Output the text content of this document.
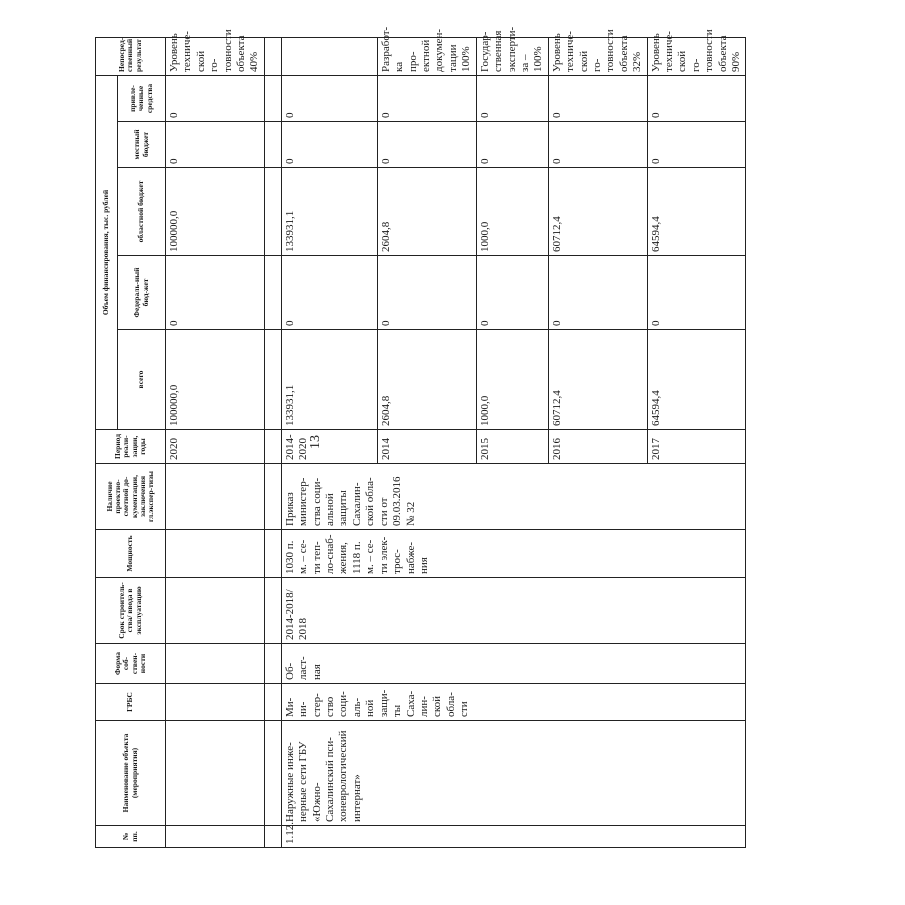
13
№ пп.	Наименование объекта (мероприятия)	ГРБС	Форма соб-ствен-ности	Срок строитель-ства/ ввода в эксплуатацию	Мощность	Наличие проектно-сметной до-кументации, заключения гл.экспер-тизы	Период реали-зации, годы	Объем финансирования, тыс. рублей					Непосред-ственный результат
								всего	Федераль-ный бюд-жет	областной бюджет	местный бюджет	привле-ченные средства	
							2020	100000,0	0	100000,0	0	0	Уровень техниче-ской го-товности объекта 40%

1.12.	Наружные инже-нерные сети ГБУ «Южно-Сахалинский пси-хоневрологический интернат»	Ми-ни-стер-ство соци-аль-ной защи-ты Саха-лин-ской обла-сти	Об-ласт-ная	2014-2018/ 2018	1030 п. м. – се-ти теп-ло-снаб-жения, 1118 п. м. – се-ти элек-трос-набже-ния	Приказ министер-ства соци-альной защиты Сахалин-ской обла-сти от 09.03.2016 № 32	2014-2020	133931,1	0	133931,1	0	0	
							2014	2604,8	0	2604,8	0	0	Разработ-ка про-ектной докумен-тации 100%
							2015	1000,0	0	1000,0	0	0	Государ-ственная эксперти-за – 100%
							2016	60712,4	0	60712,4	0	0	Уровень техниче-ской го-товности объекта 32%
							2017	64594,4	0	64594,4	0	0	Уровень техниче-ской го-товности объекта 90%
